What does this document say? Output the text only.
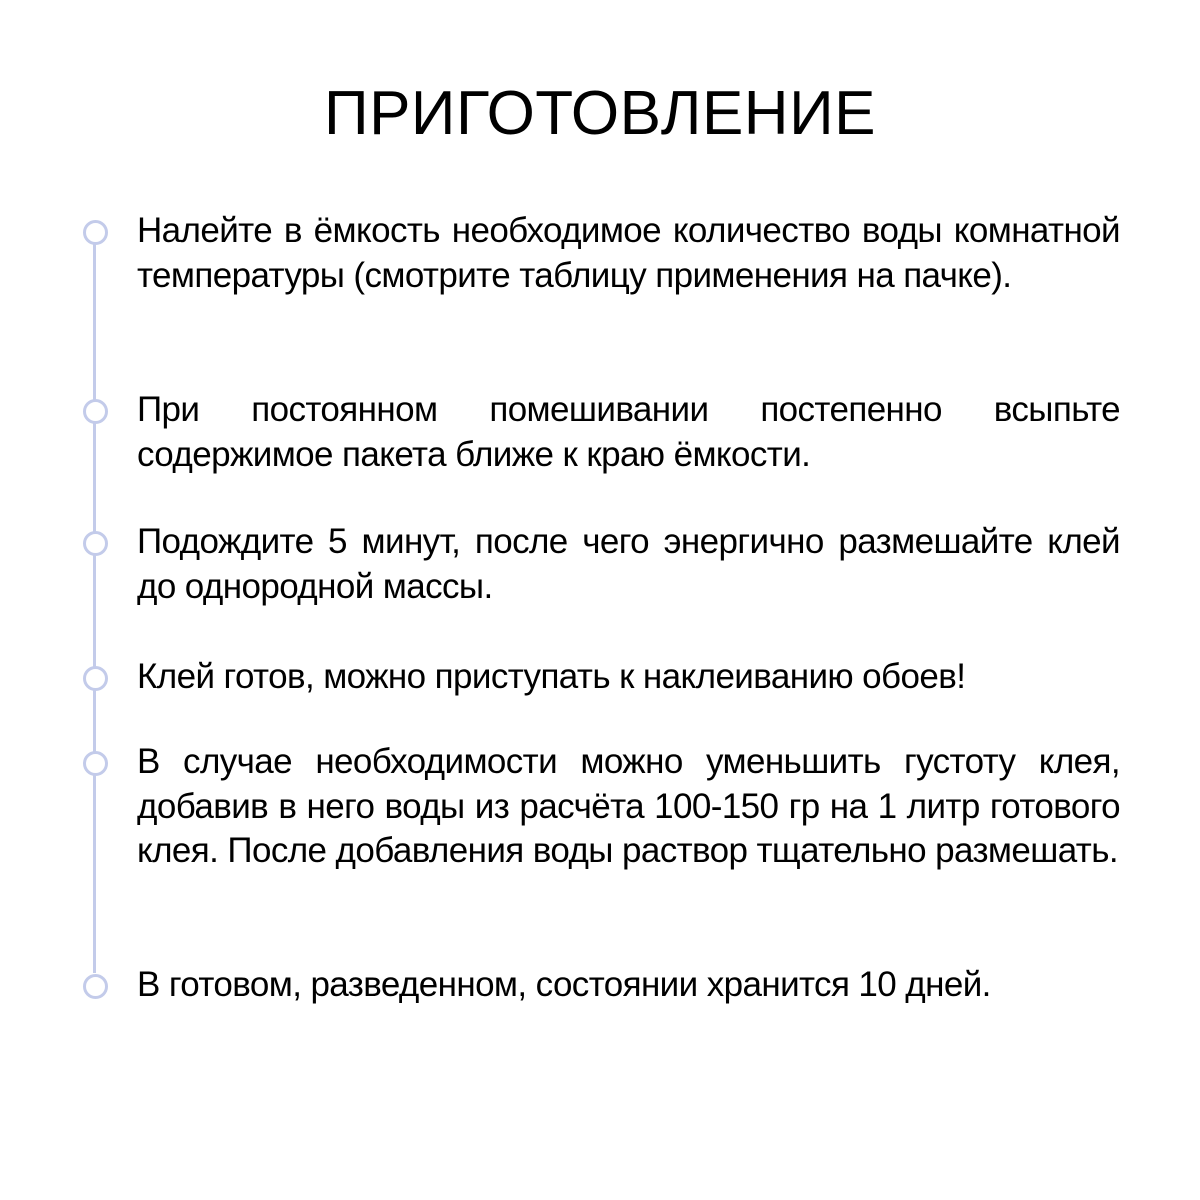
ПРИГОТОВЛЕНИЕ
Налейте в ёмкость необходимое количество воды комнатной температуры (смотрите таблицу применения на пачке).
При постоянном помешивании постепенно всыпьте содержимое пакета ближе к краю ёмкости.
Подождите 5 минут, после чего энергично размешайте клей до однородной массы.
Клей готов, можно приступать к наклеиванию обоев!
В случае необходимости можно уменьшить густоту клея, добавив в него воды из расчёта 100-150 гр на 1 литр готового клея. После добавления воды раствор тщательно размешать.
В готовом, разведенном, состоянии хранится 10 дней.
